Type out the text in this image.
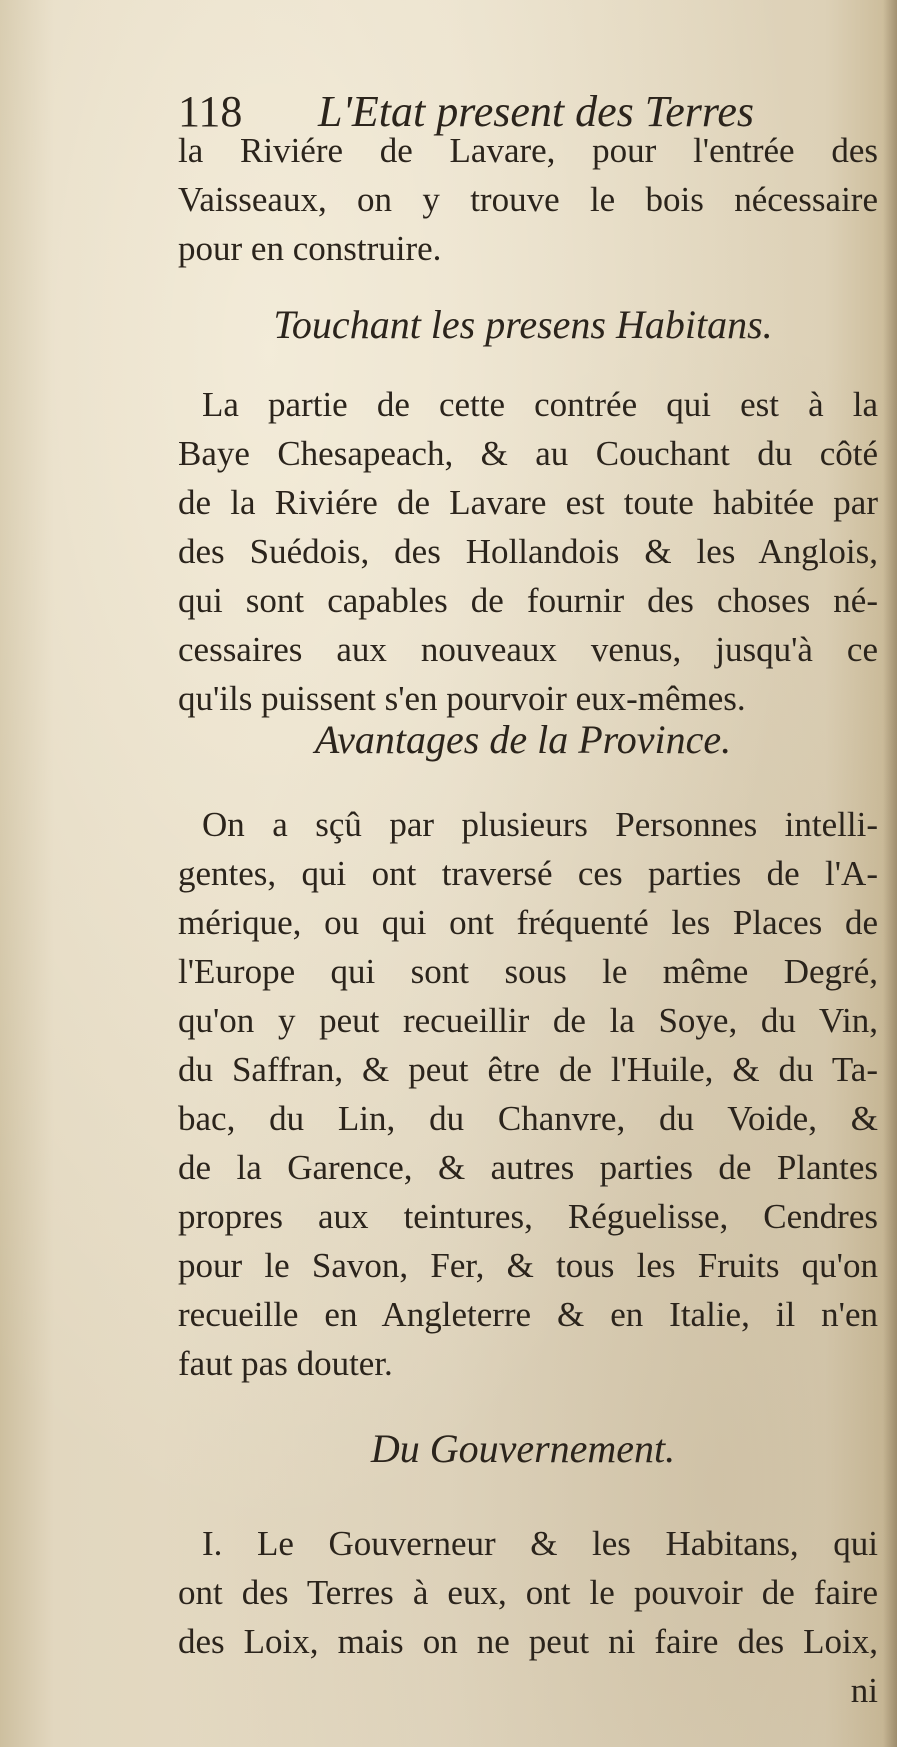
118 L'Etat present des Terres
la Riviére de Lavare, pour l'entrée des
Vaisseaux, on y trouve le bois nécessaire
pour en construire.
Touchant les presens Habitans.
La partie de cette contrée qui est à la
Baye Chesapeach, & au Couchant du côté
de la Riviére de Lavare est toute habitée par
des Suédois, des Hollandois & les Anglois,
qui sont capables de fournir des choses né-
cessaires aux nouveaux venus, jusqu'à ce
qu'ils puissent s'en pourvoir eux-mêmes.
Avantages de la Province.
On a sçû par plusieurs Personnes intelli-
gentes, qui ont traversé ces parties de l'A-
mérique, ou qui ont fréquenté les Places de
l'Europe qui sont sous le même Degré,
qu'on y peut recueillir de la Soye, du Vin,
du Saffran, & peut être de l'Huile, & du Ta-
bac, du Lin, du Chanvre, du Voide, &
de la Garence, & autres parties de Plantes
propres aux teintures, Réguelisse, Cendres
pour le Savon, Fer, & tous les Fruits qu'on
recueille en Angleterre & en Italie, il n'en
faut pas douter.
Du Gouvernement.
I. Le Gouverneur & les Habitans, qui
ont des Terres à eux, ont le pouvoir de faire
des Loix, mais on ne peut ni faire des Loix,
ni
